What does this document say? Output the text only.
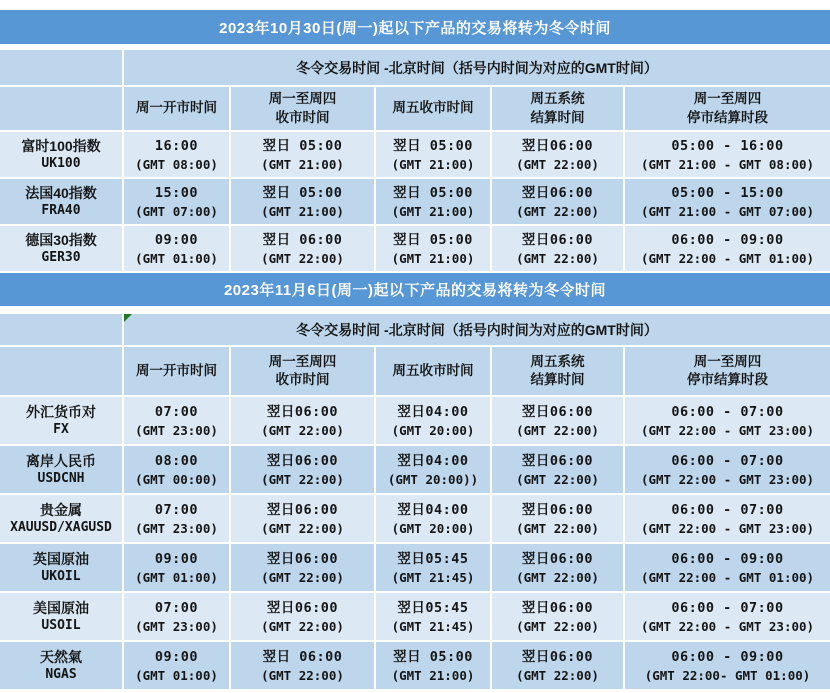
2023年10月30日(周一)起以下产品的交易将转为冬令时间
冬令交易时间 -北京时间（括号内时间为对应的GMT时间）
周一开市时间
周一至周四
收市时间
周五收市时间
周五系统
结算时间
周一至周四
停市结算时段
富时100指数
UK100
16:00
(GMT 08:00)
翌日 05:00
(GMT 21:00)
翌日 05:00
(GMT 21:00)
翌日06:00
(GMT 22:00)
05:00 - 16:00
(GMT 21:00 - GMT 08:00)
法国40指数
FRA40
15:00
(GMT 07:00)
翌日 05:00
(GMT 21:00)
翌日 05:00
(GMT 21:00)
翌日06:00
(GMT 22:00)
05:00 - 15:00
(GMT 21:00 - GMT 07:00)
德国30指数
GER30
09:00
(GMT 01:00)
翌日 06:00
(GMT 22:00)
翌日 05:00
(GMT 21:00)
翌日06:00
(GMT 22:00)
06:00 - 09:00
(GMT 22:00 - GMT 01:00)
2023年11月6日(周一)起以下产品的交易将转为冬令时间
冬令交易时间 -北京时间（括号内时间为对应的GMT时间）
周一开市时间
周一至周四
收市时间
周五收市时间
周五系统
结算时间
周一至周四
停市结算时段
外汇货币对
FX
07:00
(GMT 23:00)
翌日06:00
(GMT 22:00)
翌日04:00
(GMT 20:00)
翌日06:00
(GMT 22:00)
06:00 - 07:00
(GMT 22:00 - GMT 23:00)
离岸人民币
USDCNH
08:00
(GMT 00:00)
翌日06:00
(GMT 22:00)
翌日04:00
(GMT 20:00))
翌日06:00
(GMT 22:00)
06:00 - 07:00
(GMT 22:00 - GMT 23:00)
贵金属
XAUUSD/XAGUSD
07:00
(GMT 23:00)
翌日06:00
(GMT 22:00)
翌日04:00
(GMT 20:00)
翌日06:00
(GMT 22:00)
06:00 - 07:00
(GMT 22:00 - GMT 23:00)
英国原油
UKOIL
09:00
(GMT 01:00)
翌日06:00
(GMT 22:00)
翌日05:45
(GMT 21:45)
翌日06:00
(GMT 22:00)
06:00 - 09:00
(GMT 22:00 - GMT 01:00)
美国原油
USOIL
07:00
(GMT 23:00)
翌日06:00
(GMT 22:00)
翌日05:45
(GMT 21:45)
翌日06:00
(GMT 22:00)
06:00 - 07:00
(GMT 22:00 - GMT 23:00)
天然氣
NGAS
09:00
(GMT 01:00)
翌日 06:00
(GMT 22:00)
翌日 05:00
(GMT 21:00)
翌日06:00
(GMT 22:00)
06:00 - 09:00
(GMT 22:00- GMT 01:00)
